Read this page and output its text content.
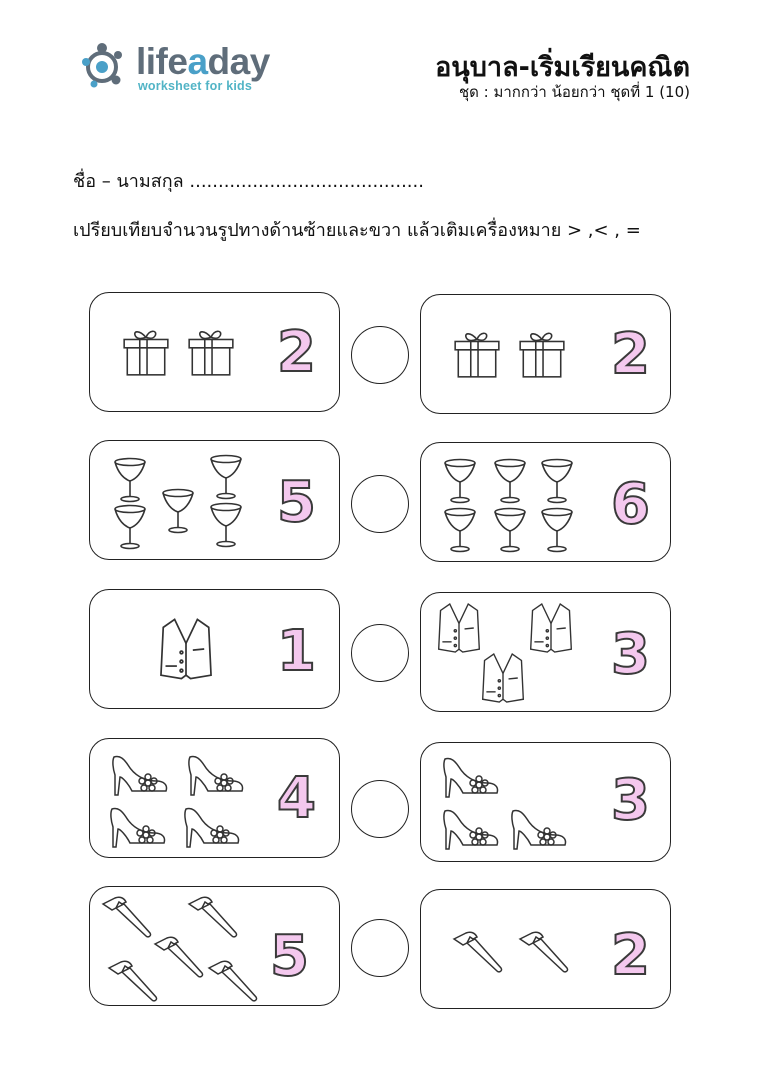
lifeaday
worksheet for kids
อนุบาล-เริ่มเรียนคณิต
ชุด : มากกว่า น้อยกว่า ชุดที่ 1 (10)
ชื่อ – นามสกุล .........................................
เปรียบเทียบจำนวนรูปทางด้านซ้ายและขวา แล้วเติมเครื่องหมาย > ,< , =
2	2
5	6
1	3
4	3
5	2
